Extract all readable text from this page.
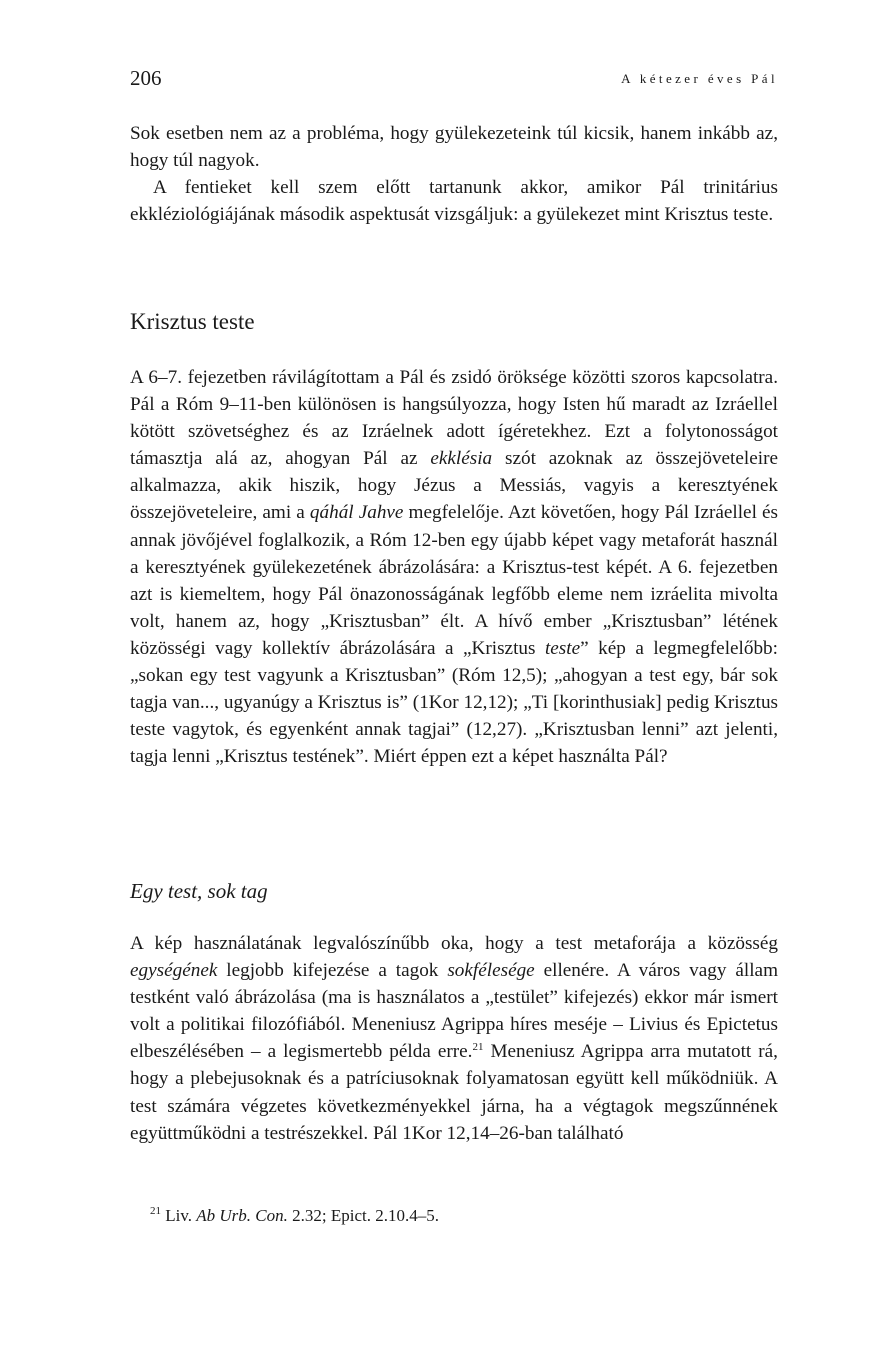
206	A kétezer éves Pál

Sok esetben nem az a probléma, hogy gyülekezeteink túl kicsik, hanem inkább az, hogy túl nagyok.

A fentieket kell szem előtt tartanunk akkor, amikor Pál trinitárius ekkléziológiájának második aspektusát vizsgáljuk: a gyülekezet mint Krisztus teste.

Krisztus teste

A 6–7. fejezetben rávilágítottam a Pál és zsidó öröksége közötti szoros kapcsolatra. Pál a Róm 9–11-ben különösen is hangsúlyozza, hogy Isten hű maradt az Izráellel kötött szövetséghez és az Izráelnek adott ígéretekhez. Ezt a folytonosságot támasztja alá az, ahogyan Pál az ekklésia szót azoknak az összejöveteleire alkalmazza, akik hiszik, hogy Jézus a Messiás, vagyis a keresztyének összejöveteleire, ami a qáhál Jahve megfelelője. Azt követően, hogy Pál Izráellel és annak jövőjével foglalkozik, a Róm 12-ben egy újabb képet vagy metaforát használ a keresztyének gyülekezetének ábrázolására: a Krisztus-test képét. A 6. fejezetben azt is kiemeltem, hogy Pál önazonosságának legfőbb eleme nem izráelita mivolta volt, hanem az, hogy „Krisztusban” élt. A hívő ember „Krisztusban” létének közösségi vagy kollektív ábrázolására a „Krisztus teste” kép a legmegfelelőbb: „sokan egy test vagyunk a Krisztusban” (Róm 12,5); „ahogyan a test egy, bár sok tagja van..., ugyanúgy a Krisztus is” (1Kor 12,12); „Ti [korinthusiak] pedig Krisztus teste vagytok, és egyenként annak tagjai” (12,27). „Krisztusban lenni” azt jelenti, tagja lenni „Krisztus testének”. Miért éppen ezt a képet használta Pál?

Egy test, sok tag

A kép használatának legvalószínűbb oka, hogy a test metaforája a közösség egységének legjobb kifejezése a tagok sokfélesége ellenére. A város vagy állam testként való ábrázolása (ma is használatos a „testület” kifejezés) ekkor már ismert volt a politikai filozófiából. Meneniusz Agrippa híres meséje – Livius és Epictetus elbeszélésében – a legismertebb példa erre.$^{21}$ Meneniusz Agrippa arra mutatott rá, hogy a plebejusoknak és a patríciusoknak folyamatosan együtt kell működniük. A test számára végzetes következményekkel járna, ha a végtagok megszűnnének együttműködni a testrészekkel. Pál 1Kor 12,14–26-ban található

$^{21}$ Liv. Ab Urb. Con. 2.32; Epict. 2.10.4–5.
